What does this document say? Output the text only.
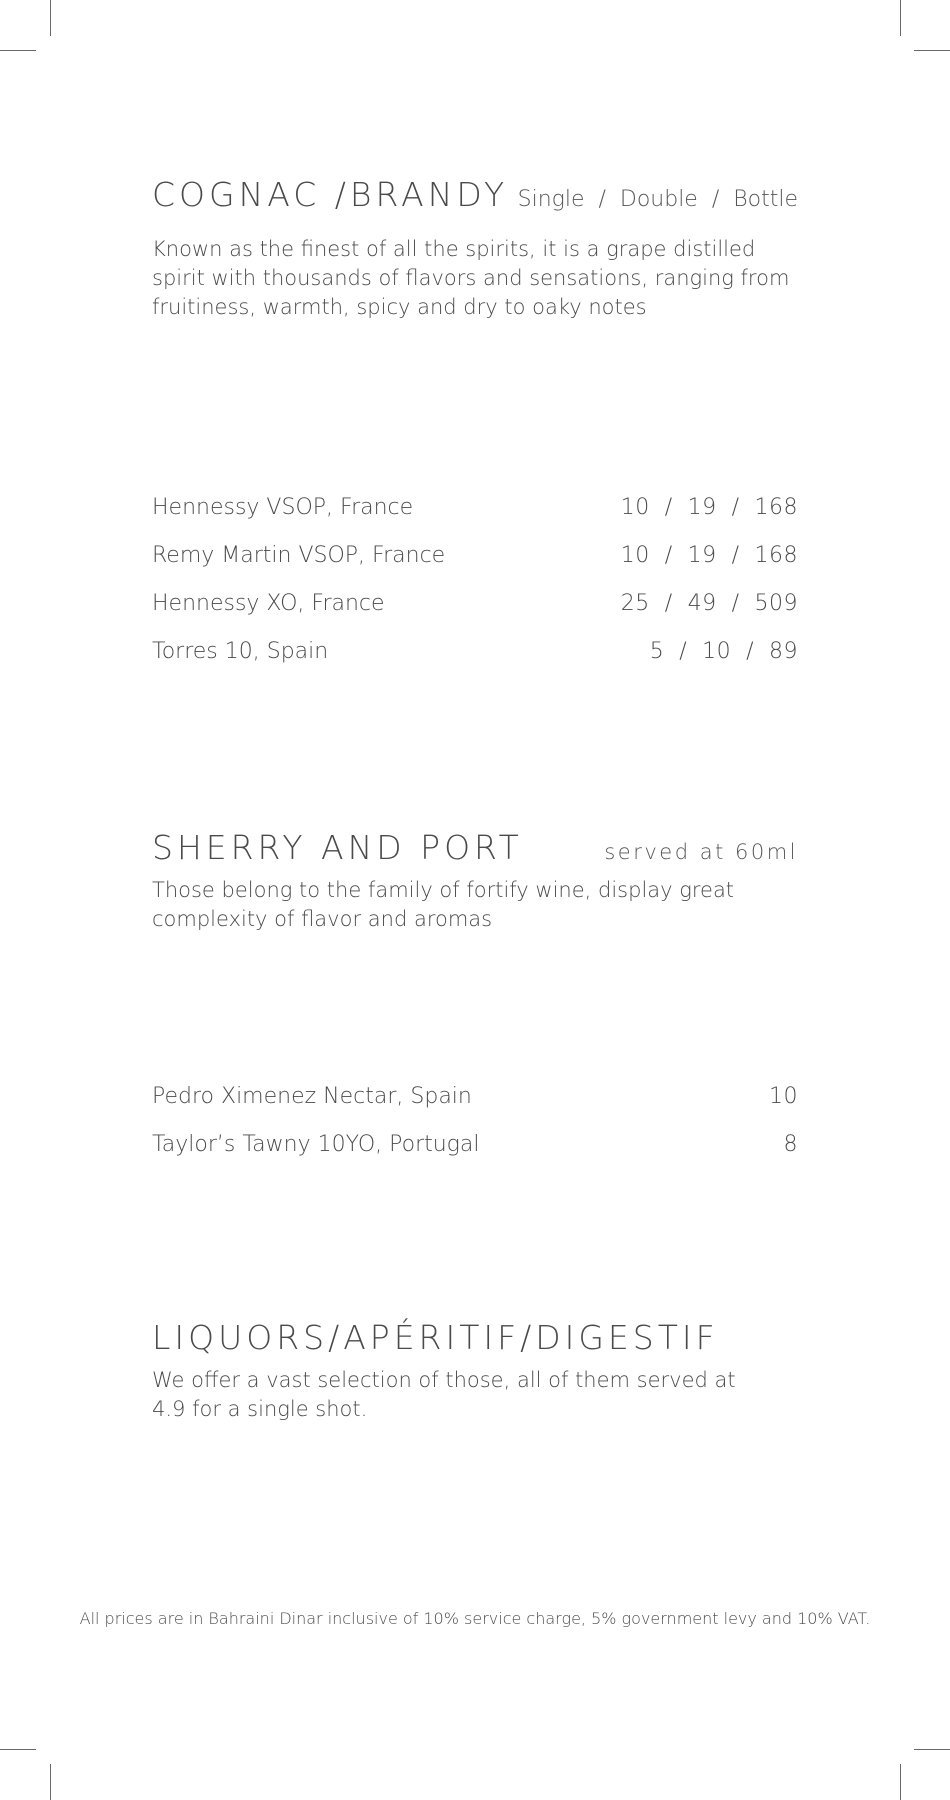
COGNAC /BRANDY Single  /  Double  /  Bottle
Known as the finest of all the spirits, it is a grape distilled spirit with thousands of flavors and sensations, ranging from fruitiness, warmth, spicy and dry to oaky notes
Hennessy VSOP, France	10  /  19  /  168
Remy Martin VSOP, France	10  /  19  /  168
Hennessy XO, France	25  /  49  /  509
Torres 10, Spain	5  /  10  /  89
SHERRY AND PORT	served at 60ml
Those belong to the family of fortify wine, display great complexity of flavor and aromas
Pedro Ximenez Nectar, Spain	10
Taylor’s Tawny 10YO, Portugal	8
LIQUORS/APÉRITIF/DIGESTIF
We offer a vast selection of those, all of them served at 4.9 for a single shot.
All prices are in Bahraini Dinar inclusive of 10% service charge, 5% government levy and 10% VAT.
